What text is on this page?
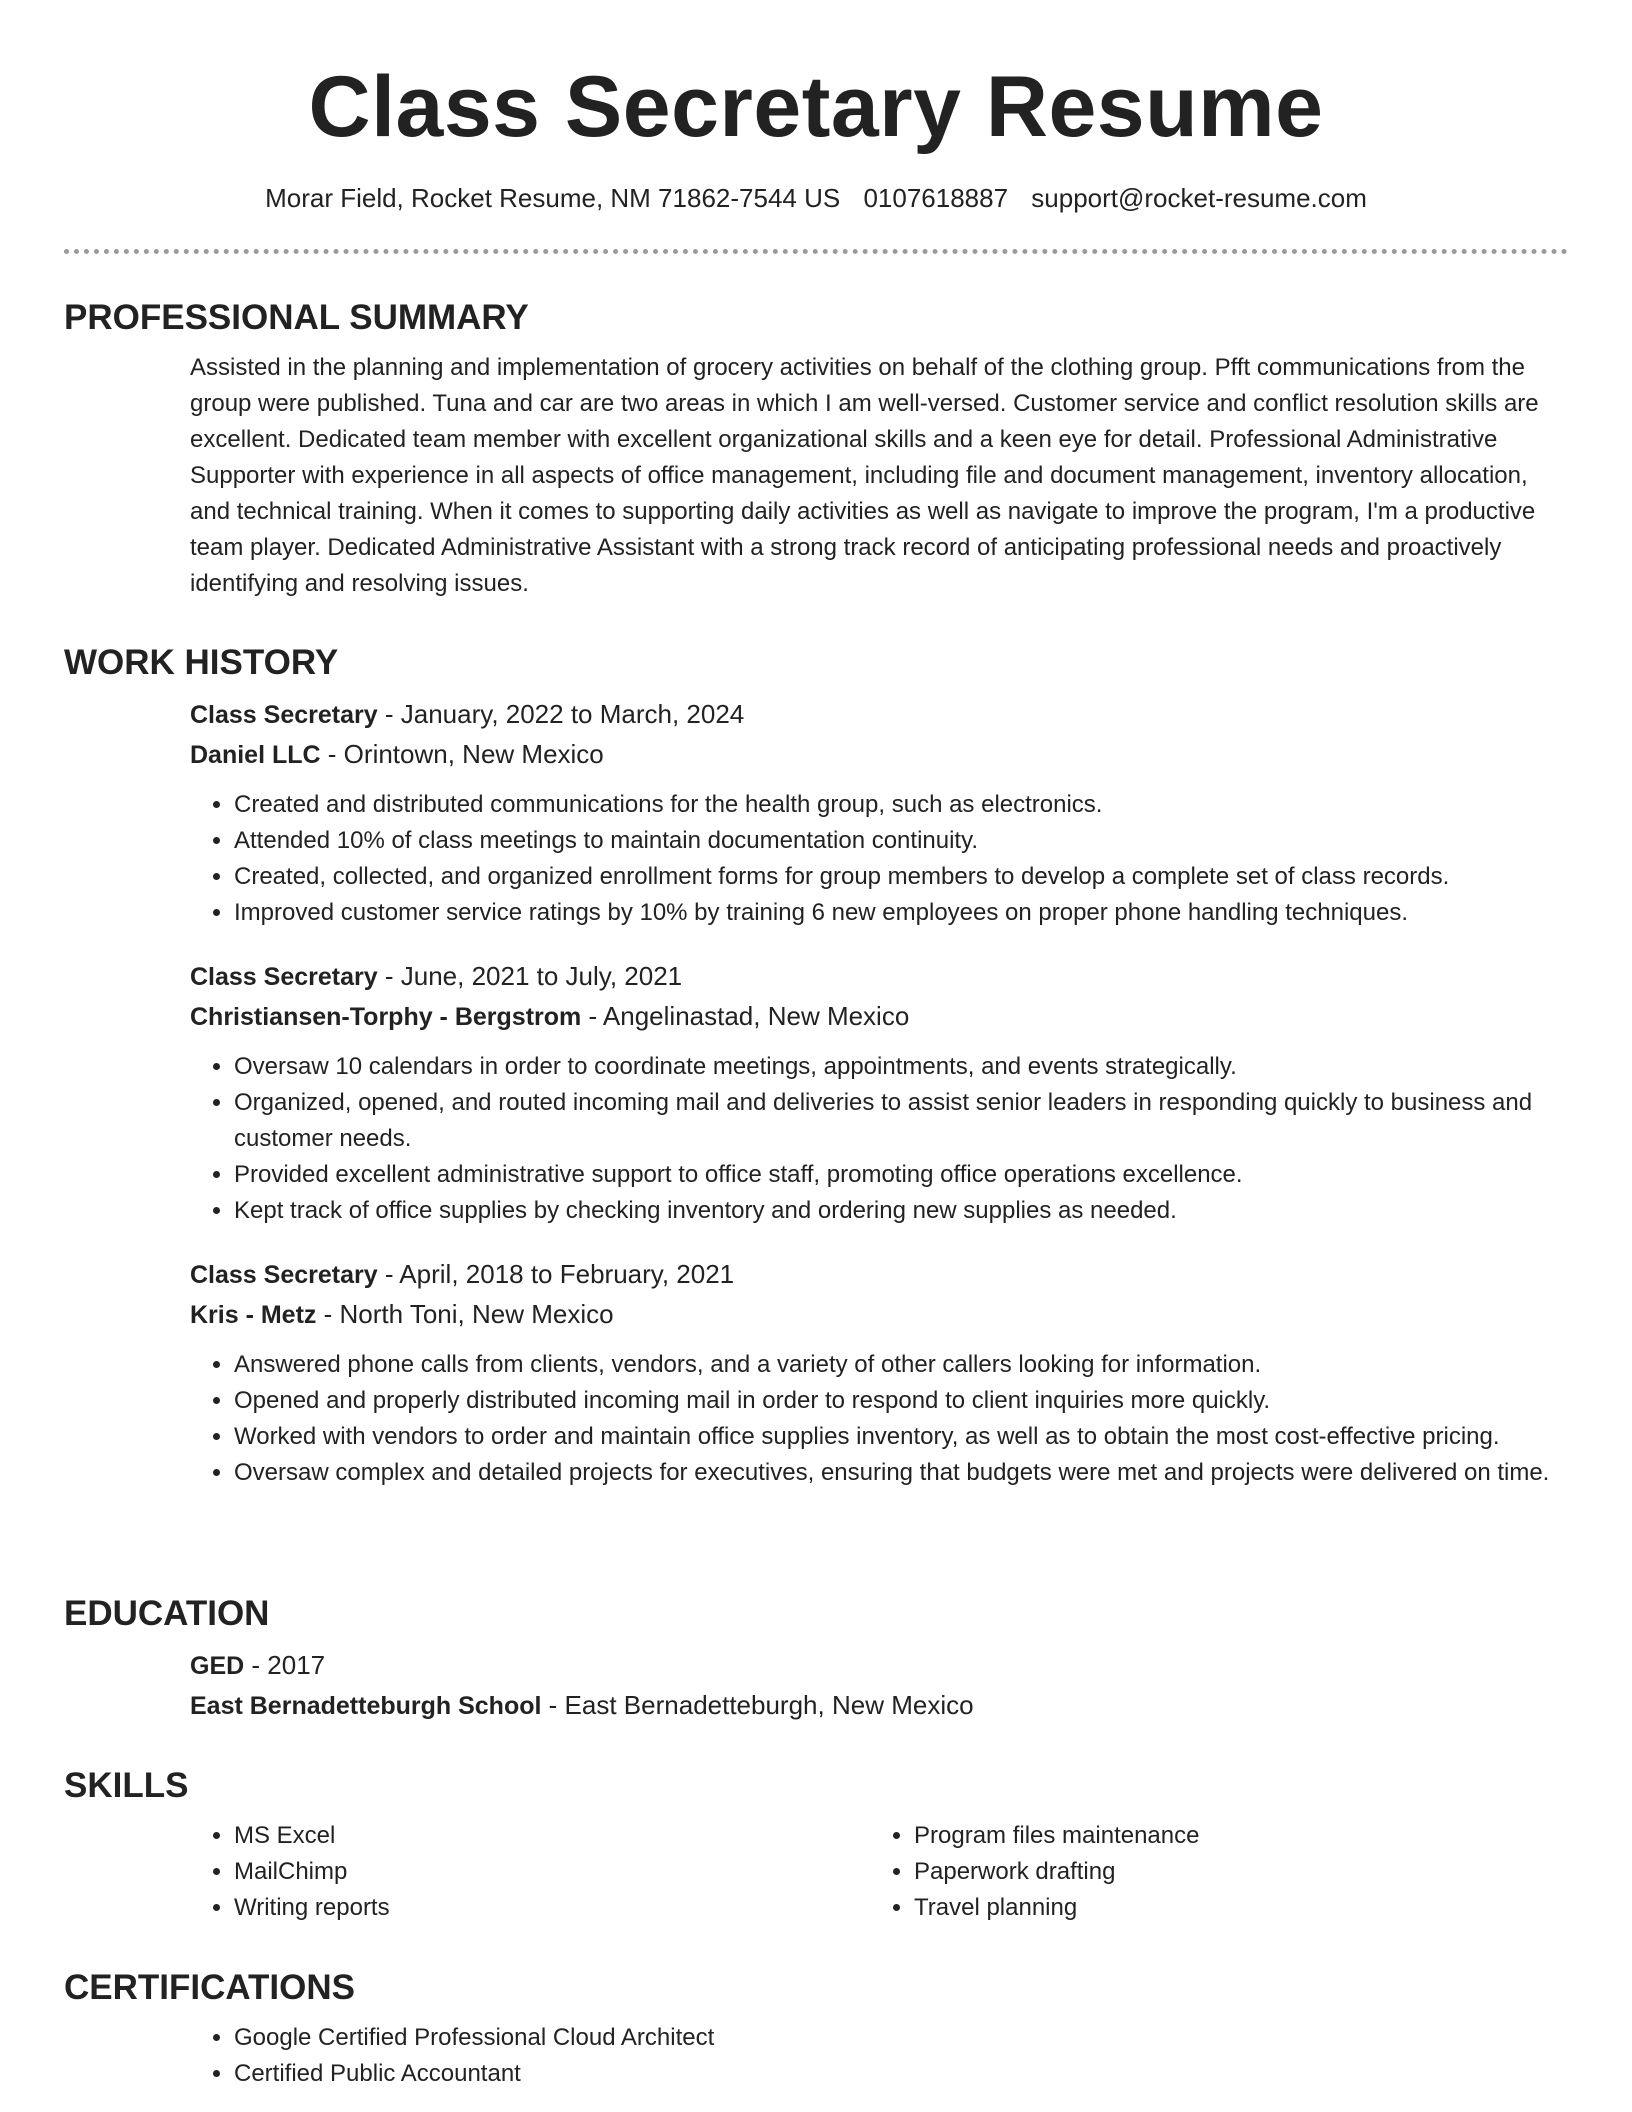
Class Secretary Resume
Morar Field, Rocket Resume, NM 71862-7544 US 0107618887 support@rocket-resume.com
PROFESSIONAL SUMMARY

Assisted in the planning and implementation of grocery activities on behalf of the clothing group. Pfft communications from the group were published. Tuna and car are two areas in which I am well-versed. Customer service and conflict resolution skills are excellent. Dedicated team member with excellent organizational skills and a keen eye for detail. Professional Administrative Supporter with experience in all aspects of office management, including file and document management, inventory allocation, and technical training. When it comes to supporting daily activities as well as navigate to improve the program, I'm a productive team player. Dedicated Administrative Assistant with a strong track record of anticipating professional needs and proactively identifying and resolving issues.

WORK HISTORY
Class Secretary - January, 2022 to March, 2024
Daniel LLC - Orintown, New Mexico
• Created and distributed communications for the health group, such as electronics.
• Attended 10% of class meetings to maintain documentation continuity.
• Created, collected, and organized enrollment forms for group members to develop a complete set of class records.
• Improved customer service ratings by 10% by training 6 new employees on proper phone handling techniques.
Class Secretary - June, 2021 to July, 2021
Christiansen-Torphy - Bergstrom - Angelinastad, New Mexico
• Oversaw 10 calendars in order to coordinate meetings, appointments, and events strategically.
• Organized, opened, and routed incoming mail and deliveries to assist senior leaders in responding quickly to business and customer needs.
• Provided excellent administrative support to office staff, promoting office operations excellence.
• Kept track of office supplies by checking inventory and ordering new supplies as needed.
Class Secretary - April, 2018 to February, 2021
Kris - Metz - North Toni, New Mexico
• Answered phone calls from clients, vendors, and a variety of other callers looking for information.
• Opened and properly distributed incoming mail in order to respond to client inquiries more quickly.
• Worked with vendors to order and maintain office supplies inventory, as well as to obtain the most cost-effective pricing.
• Oversaw complex and detailed projects for executives, ensuring that budgets were met and projects were delivered on time.
EDUCATION
GED - 2017
East Bernadetteburgh School - East Bernadetteburgh, New Mexico
SKILLS
• MS Excel
• MailChimp
• Writing reports
• Program files maintenance
• Paperwork drafting
• Travel planning
CERTIFICATIONS
• Google Certified Professional Cloud Architect
• Certified Public Accountant
